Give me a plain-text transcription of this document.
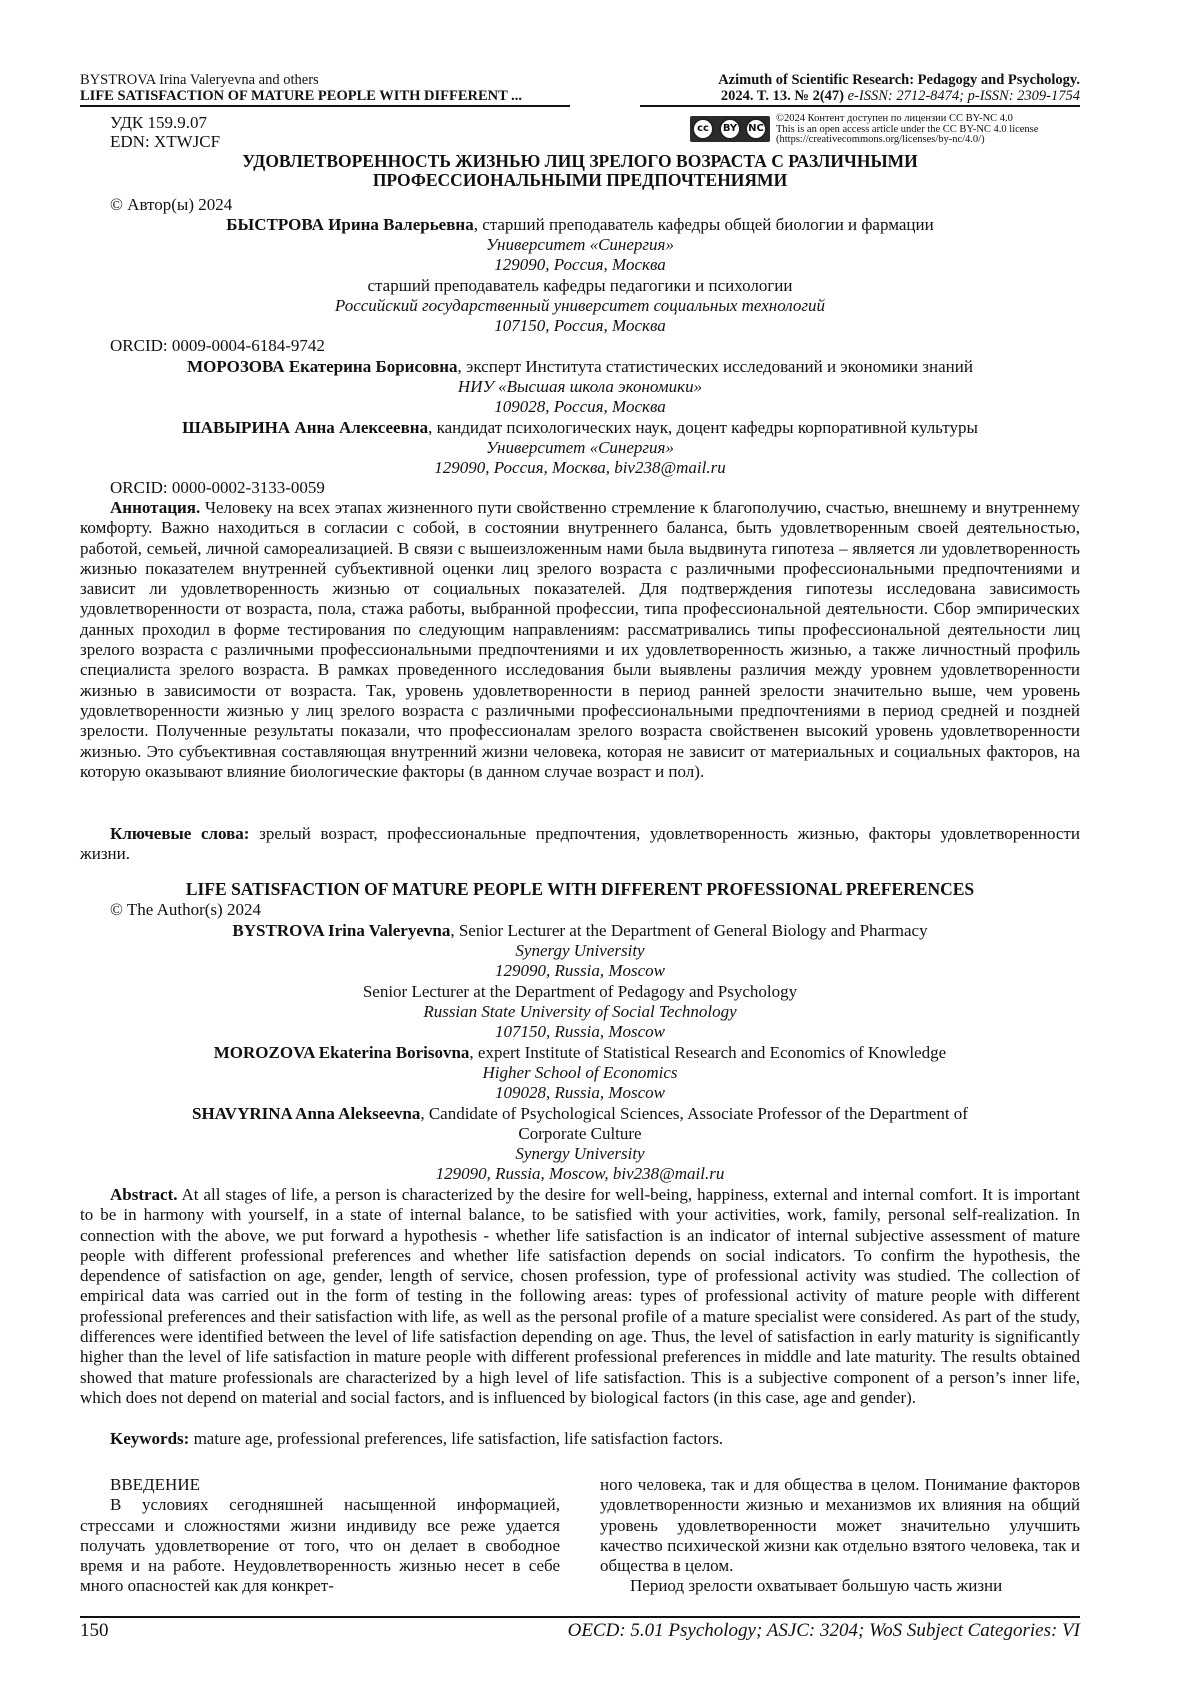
BYSTROVA Irina Valeryevna and others
LIFE SATISFACTION OF MATURE PEOPLE WITH DIFFERENT ...
Azimuth of Scientific Research: Pedagogy and Psychology.
2024. T. 13. № 2(47) e-ISSN: 2712-8474; p-ISSN: 2309-1754
УДК 159.9.07
EDN: XTWJCF
cc	BY	NC
©2024 Контент доступен по лицензии CC BY-NC 4.0
This is an open access article under the CC BY-NC 4.0 license
(https://creativecommons.org/licenses/by-nc/4.0/)
УДОВЛЕТВОРЕННОСТЬ ЖИЗНЬЮ ЛИЦ ЗРЕЛОГО ВОЗРАСТА С РАЗЛИЧНЫМИ
ПРОФЕССИОНАЛЬНЫМИ ПРЕДПОЧТЕНИЯМИ
© Автор(ы) 2024
БЫСТРОВА Ирина Валерьевна, старший преподаватель кафедры общей биологии и фармации
Университет «Синергия»
129090, Россия, Москва
старший преподаватель кафедры педагогики и психологии
Российский государственный университет социальных технологий
107150, Россия, Москва
ORCID: 0009-0004-6184-9742
МОРОЗОВА Екатерина Борисовна, эксперт Института статистических исследований и экономики знаний
НИУ «Высшая школа экономики»
109028, Россия, Москва
ШАВЫРИНА Анна Алексеевна, кандидат психологических наук, доцент кафедры корпоративной культуры
Университет «Синергия»
129090, Россия, Москва, biv238@mail.ru
ORCID: 0000-0002-3133-0059
Аннотация. Человеку на всех этапах жизненного пути свойственно стремление к благополучию, счастью, внешнему и внутреннему комфорту. Важно находиться в согласии с собой, в состоянии внутреннего баланса, быть удовлетворенным своей деятельностью, работой, семьей, личной самореализацией. В связи с вышеизложенным нами была выдвинута гипотеза – является ли удовлетворенность жизнью показателем внутренней субъективной оценки лиц зрелого возраста с различными профессиональными предпочтениями и зависит ли удовлетворенность жизнью от социальных показателей. Для подтверждения гипотезы исследована зависимость удовлетворенности от возраста, пола, стажа работы, выбранной профессии, типа профессиональной деятельности. Сбор эмпирических данных проходил в форме тестирования по следующим направлениям: рассматривались типы профессиональной деятельности лиц зрелого возраста с различными профессиональными предпочтениями и их удовлетворенность жизнью, а также личностный профиль специалиста зрелого возраста. В рамках проведенного исследования были выявлены различия между уровнем удовлетворенности жизнью в зависимости от возраста. Так, уровень удовлетворенности в период ранней зрелости значительно выше, чем уровень удовлетворенности жизнью у лиц зрелого возраста с различными профессиональными предпочтениями в период средней и поздней зрелости. Полученные результаты показали, что профессионалам зрелого возраста свойственен высокий уровень удовлетворенности жизнью. Это субъективная составляющая внутренний жизни человека, которая не зависит от материальных и социальных факторов, на которую оказывают влияние биологические факторы (в данном случае возраст и пол).
Ключевые слова: зрелый возраст, профессиональные предпочтения, удовлетворенность жизнью, факторы удовлетворенности жизни.
LIFE SATISFACTION OF MATURE PEOPLE WITH DIFFERENT PROFESSIONAL PREFERENCES
© The Author(s) 2024
BYSTROVA Irina Valeryevna, Senior Lecturer at the Department of General Biology and Pharmacy
Synergy University
129090, Russia, Moscow
Senior Lecturer at the Department of Pedagogy and Psychology
Russian State University of Social Technology
107150, Russia, Moscow
MOROZOVA Ekaterina Borisovna, expert Institute of Statistical Research and Economics of Knowledge
Higher School of Economics
109028, Russia, Moscow
SHAVYRINA Anna Alekseevna, Candidate of Psychological Sciences, Associate Professor of the Department of
Corporate Culture
Synergy University
129090, Russia, Moscow, biv238@mail.ru
Abstract. At all stages of life, a person is characterized by the desire for well-being, happiness, external and internal comfort. It is important to be in harmony with yourself, in a state of internal balance, to be satisfied with your activities, work, family, personal self-realization. In connection with the above, we put forward a hypothesis - whether life satisfaction is an indicator of internal subjective assessment of mature people with different professional preferences and whether life satisfaction depends on social indicators. To confirm the hypothesis, the dependence of satisfaction on age, gender, length of service, chosen profession, type of professional activity was studied. The collection of empirical data was carried out in the form of testing in the following areas: types of professional activity of mature people with different professional preferences and their satisfaction with life, as well as the personal profile of a mature specialist were considered. As part of the study, differences were identified between the level of life satisfaction depending on age. Thus, the level of satisfaction in early maturity is significantly higher than the level of life satisfaction in mature people with different professional preferences in middle and late maturity. The results obtained showed that mature professionals are characterized by a high level of life satisfaction. This is a subjective component of a person’s inner life, which does not depend on material and social factors, and is influenced by biological factors (in this case, age and gender).
Keywords: mature age, professional preferences, life satisfaction, life satisfaction factors.
ВВЕДЕНИЕ
В условиях сегодняшней насыщенной информацией, стрессами и сложностями жизни индивиду все реже удается получать удовлетворение от того, что он делает в свободное время и на работе. Неудовлетворенность жизнью несет в себе много опасностей как для конкрет-
ного человека, так и для общества в целом. Понимание факторов удовлетворенности жизнью и механизмов их влияния на общий уровень удовлетворенности может значительно улучшить качество психической жизни как отдельно взятого человека, так и общества в целом.
Период зрелости охватывает большую часть жизни
150	OECD: 5.01 Psychology; ASJC: 3204; WoS Subject Categories: VI
